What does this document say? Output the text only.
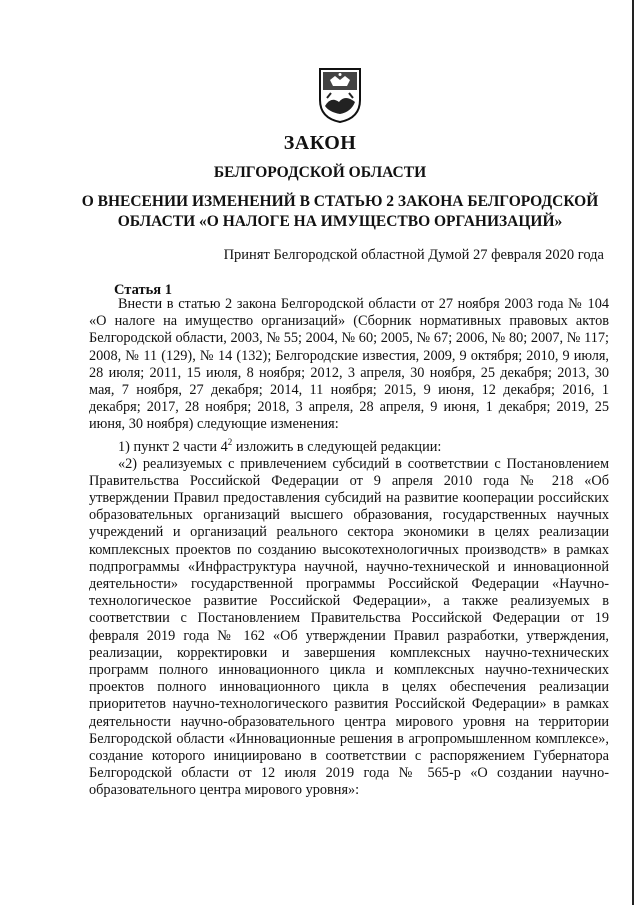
ЗАКОН
БЕЛГОРОДСКОЙ ОБЛАСТИ
О ВНЕСЕНИИ ИЗМЕНЕНИЙ В СТАТЬЮ 2 ЗАКОНА БЕЛГОРОДСКОЙ ОБЛАСТИ «О НАЛОГЕ НА ИМУЩЕСТВО ОРГАНИЗАЦИЙ»
Принят Белгородской областной Думой 27 февраля 2020 года
Статья 1

Внести в статью 2 закона Белгородской области от 27 ноября 2003 года № 104 «О налоге на имущество организаций» (Сборник нормативных правовых актов Белгородской области, 2003, № 55; 2004, № 60; 2005, № 67; 2006, № 80; 2007, № 117; 2008, № 11 (129), № 14 (132); Белгородские известия, 2009, 9 октября; 2010, 9 июля, 28 июля; 2011, 15 июля, 8 ноября; 2012, 3 апреля, 30 ноября, 25 декабря; 2013, 30 мая, 7 ноября, 27 декабря; 2014, 11 ноября; 2015, 9 июня, 12 декабря; 2016, 1 декабря; 2017, 28 ноября; 2018, 3 апреля, 28 апреля, 9 июня, 1 декабря; 2019, 25 июня, 30 ноября) следующие изменения:

1) пункт 2 части $4^2$ изложить в следующей редакции:

«2) реализуемых с привлечением субсидий в соответствии с Постановлением Правительства Российской Федерации от 9 апреля 2010 года № 218 «Об утверждении Правил предоставления субсидий на развитие кооперации российских образовательных организаций высшего образования, государственных научных учреждений и организаций реального сектора экономики в целях реализации комплексных проектов по созданию высокотехнологичных производств» в рамках подпрограммы «Инфраструктура научной, научно-технической и инновационной деятельности» государственной программы Российской Федерации «Научно-технологическое развитие Российской Федерации», а также реализуемых в соответствии с Постановлением Правительства Российской Федерации от 19 февраля 2019 года № 162 «Об утверждении Правил разработки, утверждения, реализации, корректировки и завершения комплексных научно-технических программ полного инновационного цикла и комплексных научно-технических проектов полного инновационного цикла в целях обеспечения реализации приоритетов научно-технологического развития Российской Федерации» в рамках деятельности научно-образовательного центра мирового уровня на территории Белгородской области «Инновационные решения в агропромышленном комплексе», создание которого инициировано в соответствии с распоряжением Губернатора Белгородской области от 12 июля 2019 года № 565-р «О создании научно-образовательного центра мирового уровня»:
